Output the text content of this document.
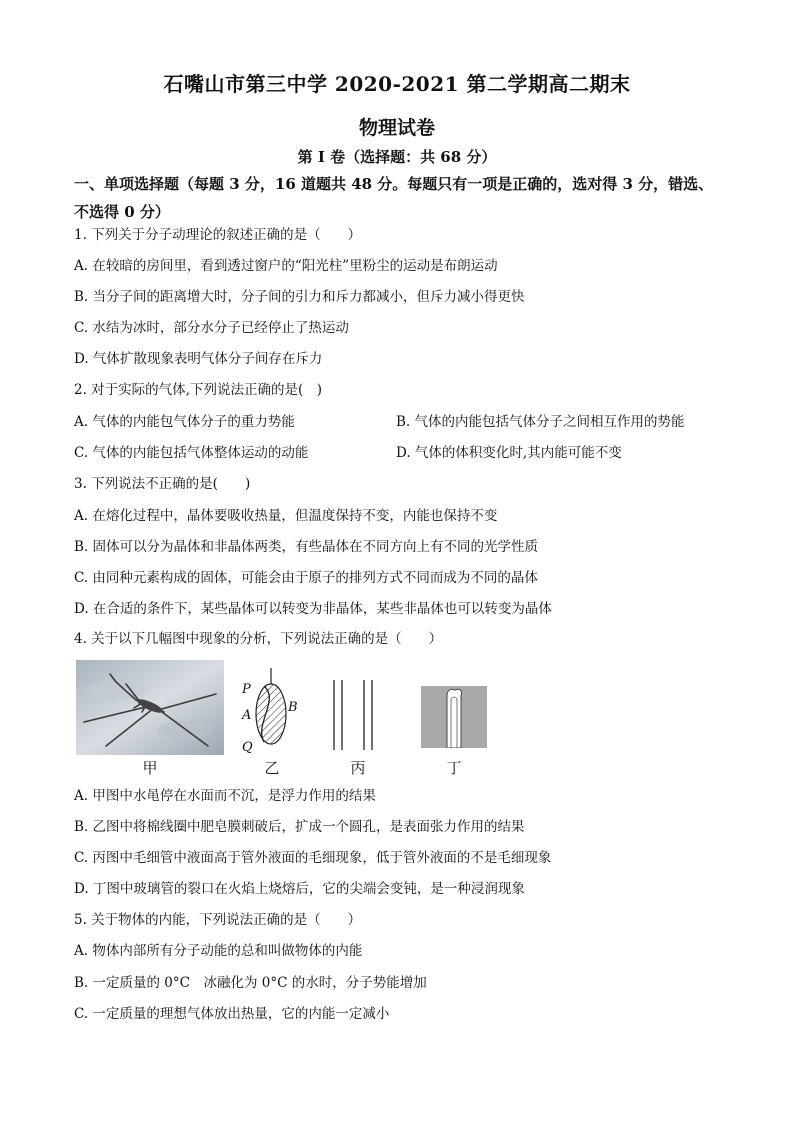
石嘴山市第三中学 2020-2021 第二学期高二期末
物理试卷
第 I 卷（选择题：共 68 分）
一、单项选择题（每题 3 分，16 道题共 48 分。每题只有一项是正确的，选对得 3 分，错选、不选得 0 分）
1. 下列关于分子动理论的叙述正确的是（　　）
A. 在较暗的房间里，看到透过窗户的“阳光柱”里粉尘的运动是布朗运动
B. 当分子间的距离增大时，分子间的引力和斥力都减小，但斥力减小得更快
C. 水结为冰时，部分水分子已经停止了热运动
D. 气体扩散现象表明气体分子间存在斥力
2. 对于实际的气体,下列说法正确的是(　)
A. 气体的内能包气体分子的重力势能	B. 气体的内能包括气体分子之间相互作用的势能
C. 气体的内能包括气体整体运动的动能	D. 气体的体积变化时,其内能可能不变
3. 下列说法不正确的是(　　)
A. 在熔化过程中，晶体要吸收热量，但温度保持不变，内能也保持不变
B. 固体可以分为晶体和非晶体两类，有些晶体在不同方向上有不同的光学性质
C. 由同种元素构成的固体，可能会由于原子的排列方式不同而成为不同的晶体
D. 在合适的条件下，某些晶体可以转变为非晶体，某些非晶体也可以转变为晶体
4. 关于以下几幅图中现象的分析，下列说法正确的是（　　）
甲
P
A
B
Q
乙	丙	丁
A. 甲图中水黾停在水面而不沉，是浮力作用的结果
B. 乙图中将棉线圈中肥皂膜刺破后，扩成一个圆孔，是表面张力作用的结果
C. 丙图中毛细管中液面高于管外液面的毛细现象，低于管外液面的不是毛细现象
D. 丁图中玻璃管的裂口在火焰上烧熔后，它的尖端会变钝，是一种浸润现象
5. 关于物体的内能，下列说法正确的是（　　）
A. 物体内部所有分子动能的总和叫做物体的内能
B. 一定质量的 0°C　冰融化为 0°C 的水时，分子势能增加
C. 一定质量的理想气体放出热量，它的内能一定减小
